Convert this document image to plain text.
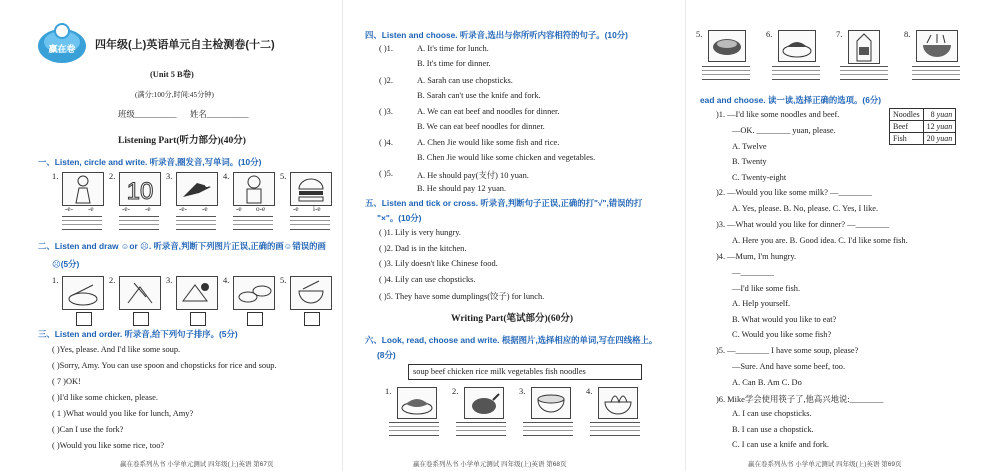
赢在卷 四年级(上)英语单元自主检测卷(十二)
(Unit 5 B卷)
(满分:100分,时间:45分钟)
班级__________ 姓名__________
Listening Part(听力部分)(40分)
一、Listen, circle and write. 听录音,圈发音,写单词。(10分)
1.
-e- -e
2.
10
-e- -e
3.
-e- -e
4.
-e o-e
5.
-e i-e
二、Listen and draw ☺or ☹. 听录音,判断下列图片正误,正确的画☺错误的画
☹(5分)
1.	2.	3.	4.	5.
三、Listen and order. 听录音,给下列句子排序。(5分)
( )Yes, please. And I'd like some soup.
( )Sorry, Amy. You can use spoon and chopsticks for rice and soup.
( 7 )OK!
( )I'd like some chicken, please.
( 1 )What would you like for lunch, Amy?
( )Can I use the fork?
( )Would you like some rice, too?
赢在卷系列丛书 小学单元测试 四年级(上)英语 第67页
四、Listen and choose. 听录音,选出与你所听内容相符的句子。(10分)
( )1.	A. It's time for lunch.
B. It's time for dinner.
( )2.	A. Sarah can use chopsticks.
B. Sarah can't use the knife and fork.
( )3.	A. We can eat beef and noodles for dinner.
B. We can eat beef noodles for dinner.
( )4.	A. Chen Jie would like some fish and rice.
B. Chen Jie would like some chicken and vegetables.
( )5.	A. He should pay(支付) 10 yuan.
B. He should pay 12 yuan.
五、Listen and tick or cross. 听录音,判断句子正误,正确的打"√",错误的打
"×"。(10分)
( )1. Lily is very hungry.
( )2. Dad is in the kitchen.
( )3. Lily doesn't like Chinese food.
( )4. Lily can use chopsticks.
( )5. They have some dumplings(饺子) for lunch.
Writing Part(笔试部分)(60分)
六、Look, read, choose and write. 根据图片,选择相应的单词,写在四线格上。
(8分)
soup beef chicken rice milk vegetables fish noodles
1.	2.	3.	4.
赢在卷系列丛书 小学单元测试 四年级(上)英语 第68页
5.	6.	7.	8.
ead and choose. 读一读,选择正确的选项。(6分)
Noodles	8 yuan
Beef	12 yuan
Fish	20 yuan
)1. —I'd like some noodles and beef.
—OK. ________ yuan, please.
A. Twelve
B. Twenty
C. Twenty-eight
)2. —Would you like some milk? —________
A. Yes, please. B. No, please. C. Yes, I like.
)3. —What would you like for dinner? —________
A. Here you are. B. Good idea. C. I'd like some fish.
)4. —Mum, I'm hungry.
—________
—I'd like some fish.
A. Help yourself.
B. What would you like to eat?
C. Would you like some fish?
)5. —________ I have some soup, please?
—Sure. And have some beef, too.
A. Can B. Am C. Do
)6. Mike学会使用筷子了,他高兴地说:________
A. I can use chopsticks.
B. I can use a chopstick.
C. I can use a knife and fork.
赢在卷系列丛书 小学单元测试 四年级(上)英语 第69页
